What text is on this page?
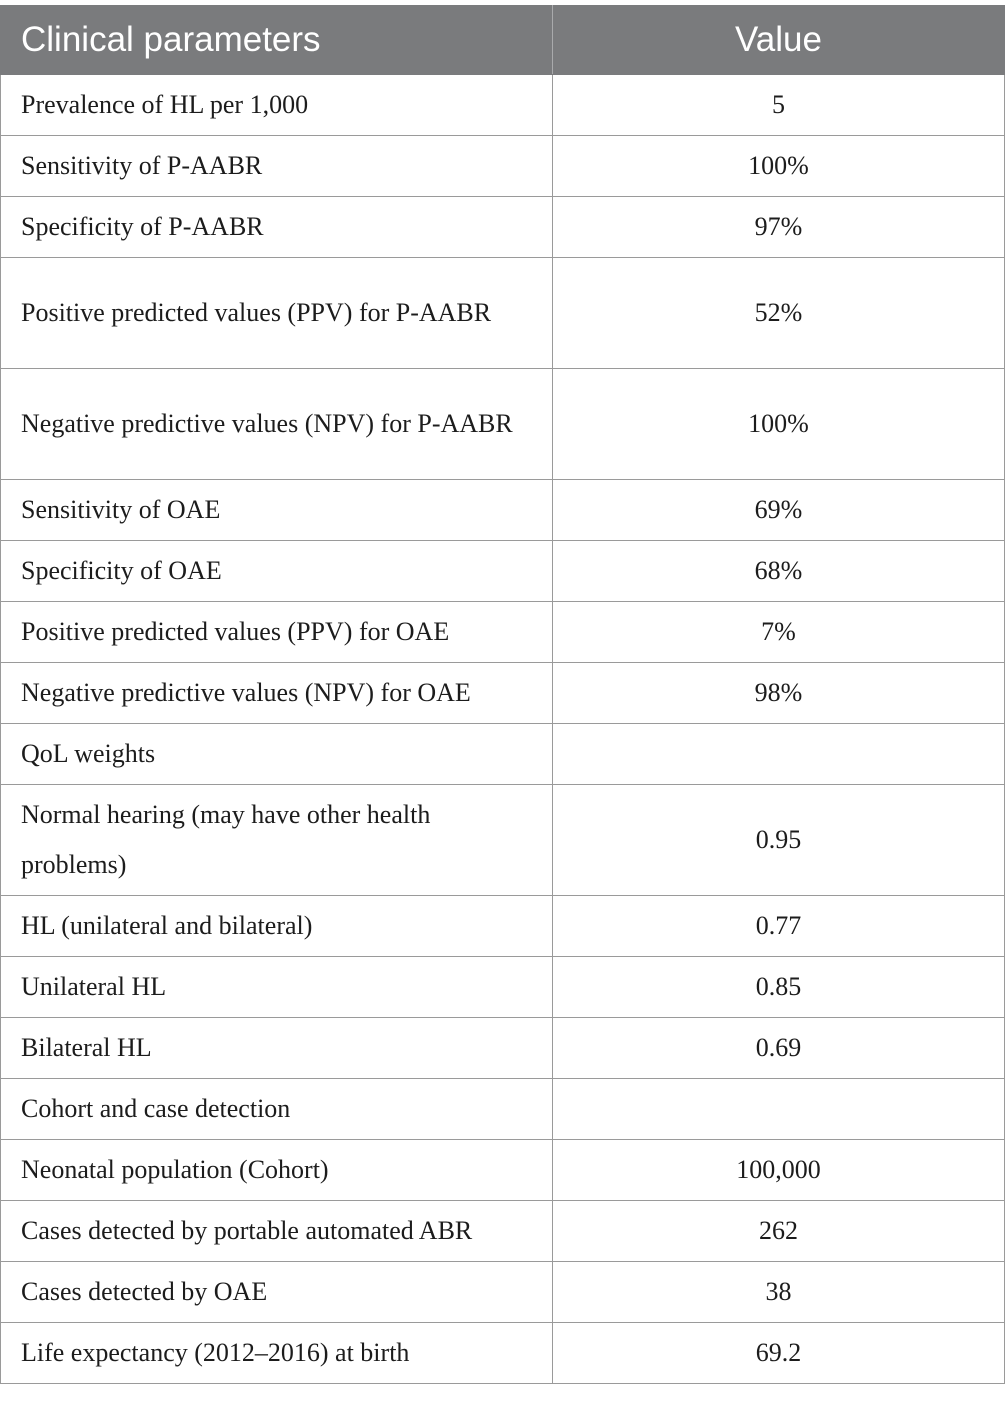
Clinical parameters	Value
Prevalence of HL per 1,000	5
Sensitivity of P-AABR	100%
Specificity of P-AABR	97%
Positive predicted values (PPV) for P-AABR	52%
Negative predictive values (NPV) for P-AABR	100%
Sensitivity of OAE	69%
Specificity of OAE	68%
Positive predicted values (PPV) for OAE	7%
Negative predictive values (NPV) for OAE	98%
QoL weights	
Normal hearing (may have other health problems)	0.95
HL (unilateral and bilateral)	0.77
Unilateral HL	0.85
Bilateral HL	0.69
Cohort and case detection	
Neonatal population (Cohort)	100,000
Cases detected by portable automated ABR	262
Cases detected by OAE	38
Life expectancy (2012–2016) at birth	69.2
